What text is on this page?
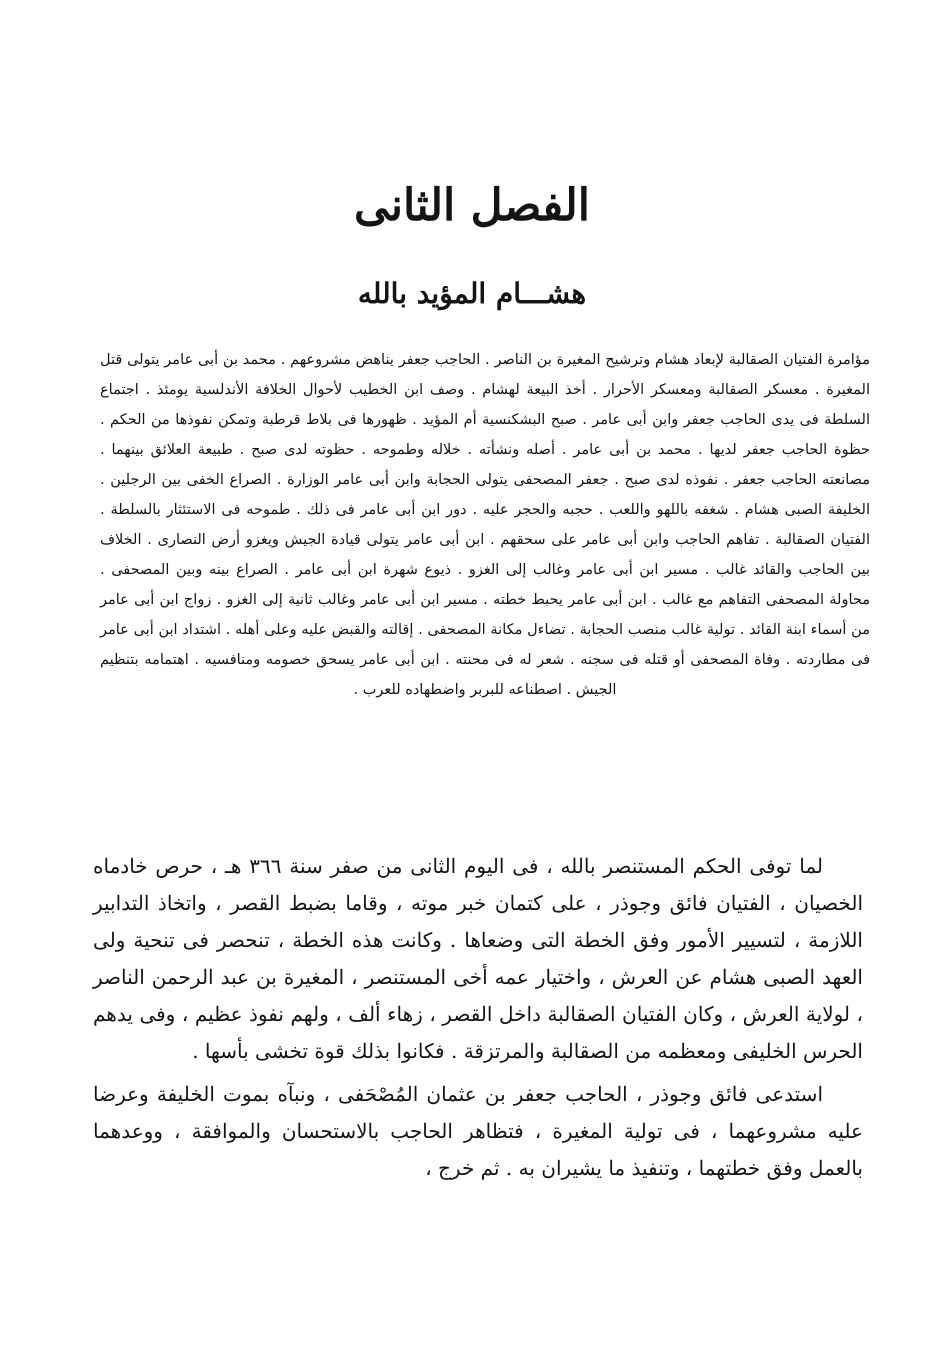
الفصل الثانى
هشـــام المؤيد بالله

مؤامرة الفتيان الصقالبة لإبعاد هشام وترشيح المغيرة بن الناصر . الحاجب جعفر يناهض مشروعهم . محمد بن أبى عامر يتولى قتل المغيرة . معسكر الصقالبة ومعسكر الأحرار . أخذ البيعة لهشام . وصف ابن الخطيب لأحوال الخلافة الأندلسية يومئذ . اجتماع السلطة فى يدى الحاجب جعفر وابن أبى عامر . صبح البشكنسية أم المؤيد . ظهورها فى بلاط قرطبة وتمكن نفوذها من الحكم . حظوة الحاجب جعفر لديها . محمد بن أبى عامر . أصله ونشأته . خلاله وطموحه . حظوته لدى صبح . طبيعة العلائق بينهما . مصانعته الحاجب جعفر . نفوذه لدى صبح . جعفر المصحفى يتولى الحجابة وابن أبى عامر الوزارة . الصراع الخفى بين الرجلين . الخليفة الصبى هشام . شغفه باللهو واللعب . حجبه والحجر عليه . دور ابن أبى عامر فى ذلك . طموحه فى الاستئثار بالسلطة . الفتيان الصقالبة . تفاهم الحاجب وابن أبى عامر على سحقهم . ابن أبى عامر يتولى قيادة الجيش ويغزو أرض النصارى . الخلاف بين الحاجب والقائد غالب . مسير ابن أبى عامر وغالب إلى الغزو . ذيوع شهرة ابن أبى عامر . الصراع بينه وبين المصحفى . محاولة المصحفى التفاهم مع غالب . ابن أبى عامر يحبط خطته . مسير ابن أبى عامر وغالب ثانية إلى الغزو . زواج ابن أبى عامر من أسماء ابنة القائد . تولية غالب منصب الحجابة . تضاءل مكانة المصحفى . إقالته والقبض عليه وعلى أهله . اشتداد ابن أبى عامر فى مطاردته . وفاة المصحفى أو قتله فى سجنه . شعر له فى محنته . ابن أبى عامر يسحق خصومه ومنافسيه . اهتمامه بتنظيم الجيش . اصطناعه للبربر واضطهاده للعرب .

لما توفى الحكم المستنصر بالله ، فى اليوم الثانى من صفر سنة ٣٦٦ هـ ، حرص خادماه الخصيان ، الفتيان فائق وجوذر ، على كتمان خبر موته ، وقاما بضبط القصر ، واتخاذ التدابير اللازمة ، لتسيير الأمور وفق الخطة التى وضعاها . وكانت هذه الخطة ، تنحصر فى تنحية ولى العهد الصبى هشام عن العرش ، واختيار عمه أخى المستنصر ، المغيرة بن عبد الرحمن الناصر ، لولاية العرش ، وكان الفتيان الصقالبة داخل القصر ، زهاء ألف ، ولهم نفوذ عظيم ، وفى يدهم الحرس الخليفى ومعظمه من الصقالبة والمرتزقة . فكانوا بذلك قوة تخشى بأسها .

استدعى فائق وجوذر ، الحاجب جعفر بن عثمان المُصْحَفى ، ونبآه بموت الخليفة وعرضا عليه مشروعهما ، فى تولية المغيرة ، فتظاهر الحاجب بالاستحسان والموافقة ، ووعدهما بالعمل وفق خطتهما ، وتنفيذ ما يشيران به . ثم خرج ،
